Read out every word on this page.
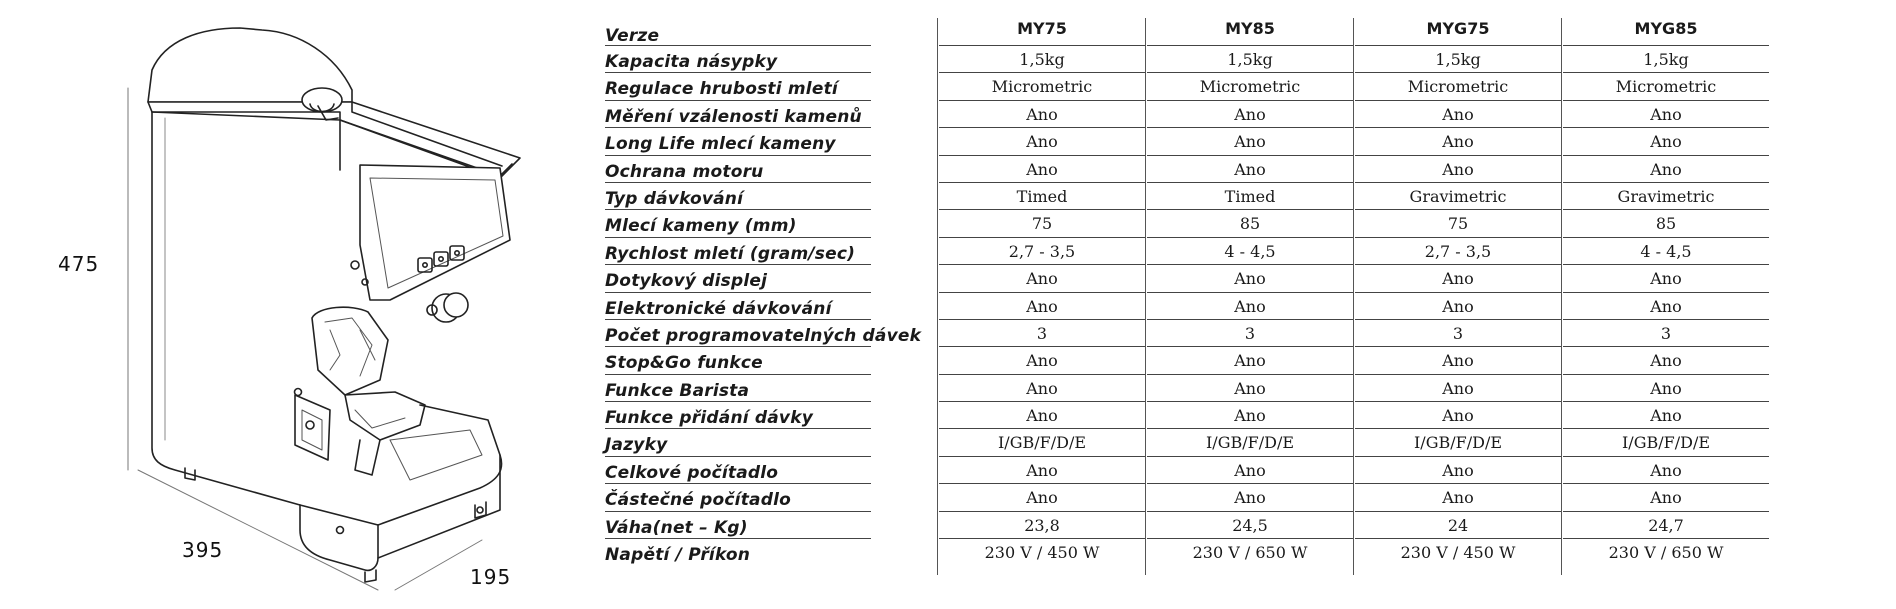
475
395
195
Verze	MY75	MY85	MYG75	MYG85
Kapacita násypky	1,5kg	1,5kg	1,5kg	1,5kg
Regulace hrubosti mletí	Micrometric	Micrometric	Micrometric	Micrometric
Měření vzálenosti kamenů	Ano	Ano	Ano	Ano
Long Life mlecí kameny	Ano	Ano	Ano	Ano
Ochrana motoru	Ano	Ano	Ano	Ano
Typ dávkování	Timed	Timed	Gravimetric	Gravimetric
Mlecí kameny (mm)	75	85	75	85
Rychlost mletí (gram/sec)	2,7 - 3,5	4 - 4,5	2,7 - 3,5	4 - 4,5
Dotykový displej	Ano	Ano	Ano	Ano
Elektronické dávkování	Ano	Ano	Ano	Ano
Počet programovatelných dávek	3	3	3	3
Stop&Go funkce	Ano	Ano	Ano	Ano
Funkce Barista	Ano	Ano	Ano	Ano
Funkce přidání dávky	Ano	Ano	Ano	Ano
Jazyky	I/GB/F/D/E	I/GB/F/D/E	I/GB/F/D/E	I/GB/F/D/E
Celkové počítadlo	Ano	Ano	Ano	Ano
Částečné počítadlo	Ano	Ano	Ano	Ano
Váha(net – Kg)	23,8	24,5	24	24,7
Napětí / Příkon	230 V / 450 W	230 V / 650 W	230 V / 450 W	230 V / 650 W
